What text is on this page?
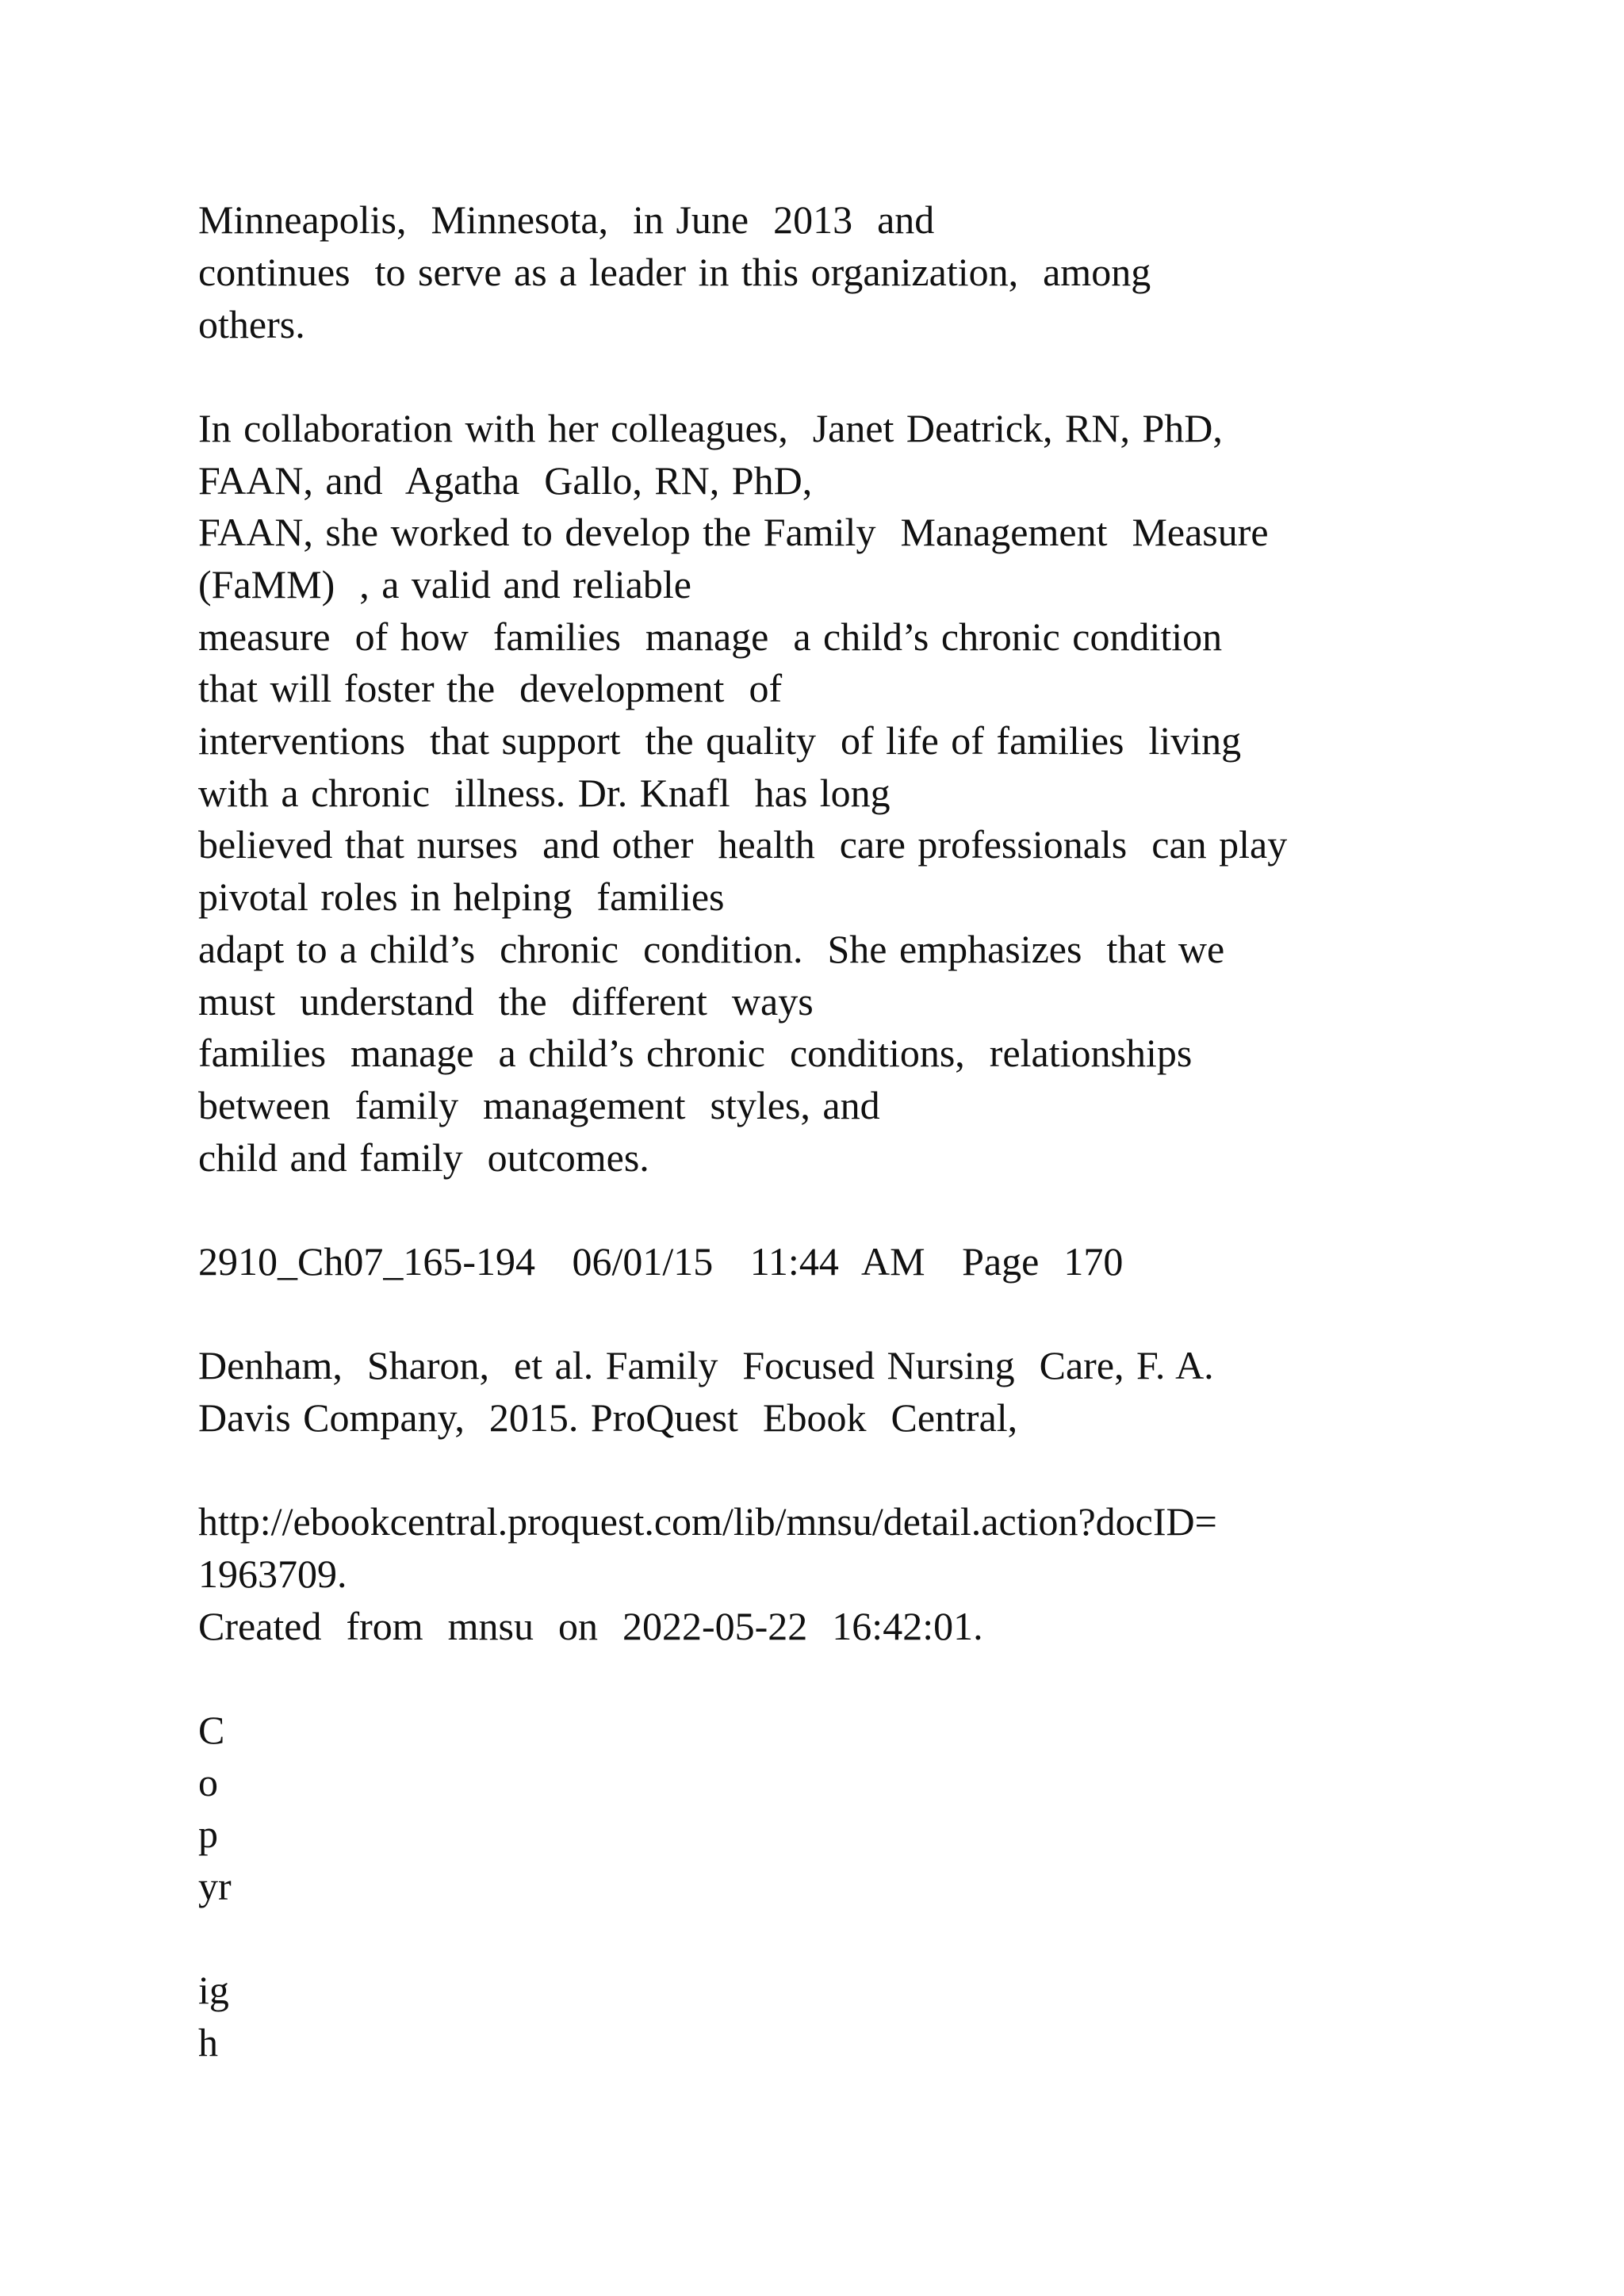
Minneapolis,  Minnesota,  in June  2013  and
continues  to serve as a leader in this organization,  among
others.
In collaboration with her colleagues,  Janet Deatrick, RN, PhD,
FAAN, and  Agatha  Gallo, RN, PhD,
FAAN, she worked to develop the Family  Management  Measure
(FaMM)  , a valid and reliable
measure  of how  families  manage  a child’s chronic condition
that will foster the  development  of
interventions  that support  the quality  of life of families  living
with a chronic  illness. Dr. Knafl  has long
believed that nurses  and other  health  care professionals  can play
pivotal roles in helping  families
adapt to a child’s  chronic  condition.  She emphasizes  that we
must  understand  the  different  ways
families  manage  a child’s chronic  conditions,  relationships
between  family  management  styles, and
child and family  outcomes.
2910_Ch07_165-194   06/01/15   11:44  AM   Page  170
Denham,  Sharon,  et al. Family  Focused Nursing  Care, F. A.
Davis Company,  2015. ProQuest  Ebook  Central,
http://ebookcentral.proquest.com/lib/mnsu/detail.action?docID=
1963709.
Created  from  mnsu  on  2022-05-22  16:42:01.
C
o
p
yr
ig
h
